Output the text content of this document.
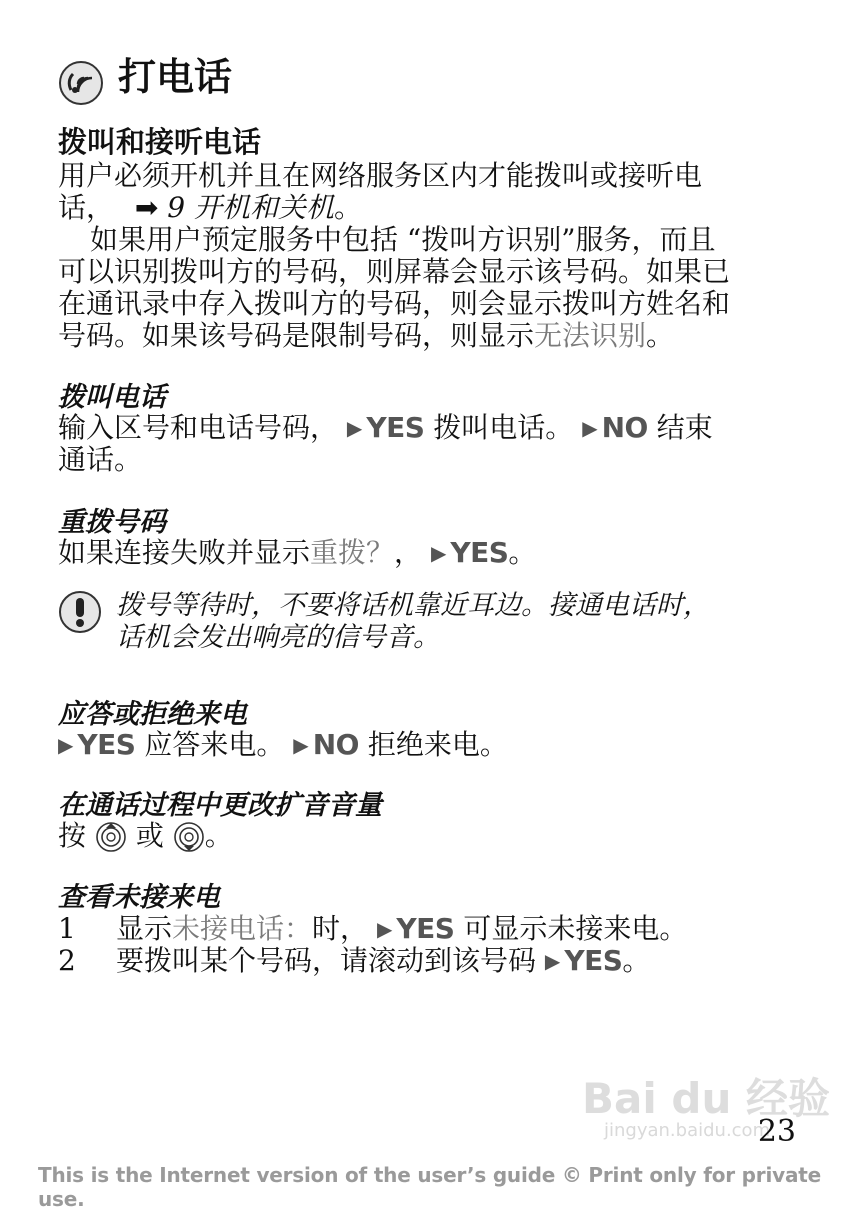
打电话
拨叫和接听电话
用户必须开机并且在网络服务区内才能拨叫或接听电
话， ➡ 9 开机和关机。
如果用户预定服务中包括 “拨叫方识别”服务，而且
可以识别拨叫方的号码，则屏幕会显示该号码。如果已
在通讯录中存入拨叫方的号码，则会显示拨叫方姓名和
号码。如果该号码是限制号码，则显示无法识别。
拨叫电话
输入区号和电话号码， ▶ YES 拨叫电话。 ▶ NO 结束
通话。
重拨号码
如果连接失败并显示重拨？， ▶ YES。
拨号等待时，不要将话机靠近耳边。接通电话时，
话机会发出响亮的信号音。
应答或拒绝来电
▶ YES 应答来电。 ▶ NO 拒绝来电。
在通话过程中更改扩音音量
按 或 。
查看未接来电
1 显示未接电话：时， ▶ YES 可显示未接来电。
2 要拨叫某个号码，请滚动到该号码 ▶ YES。
Bai du 经验
jingyan.baidu.com
23
This is the Internet version of the user’s guide © Print only for private use.
